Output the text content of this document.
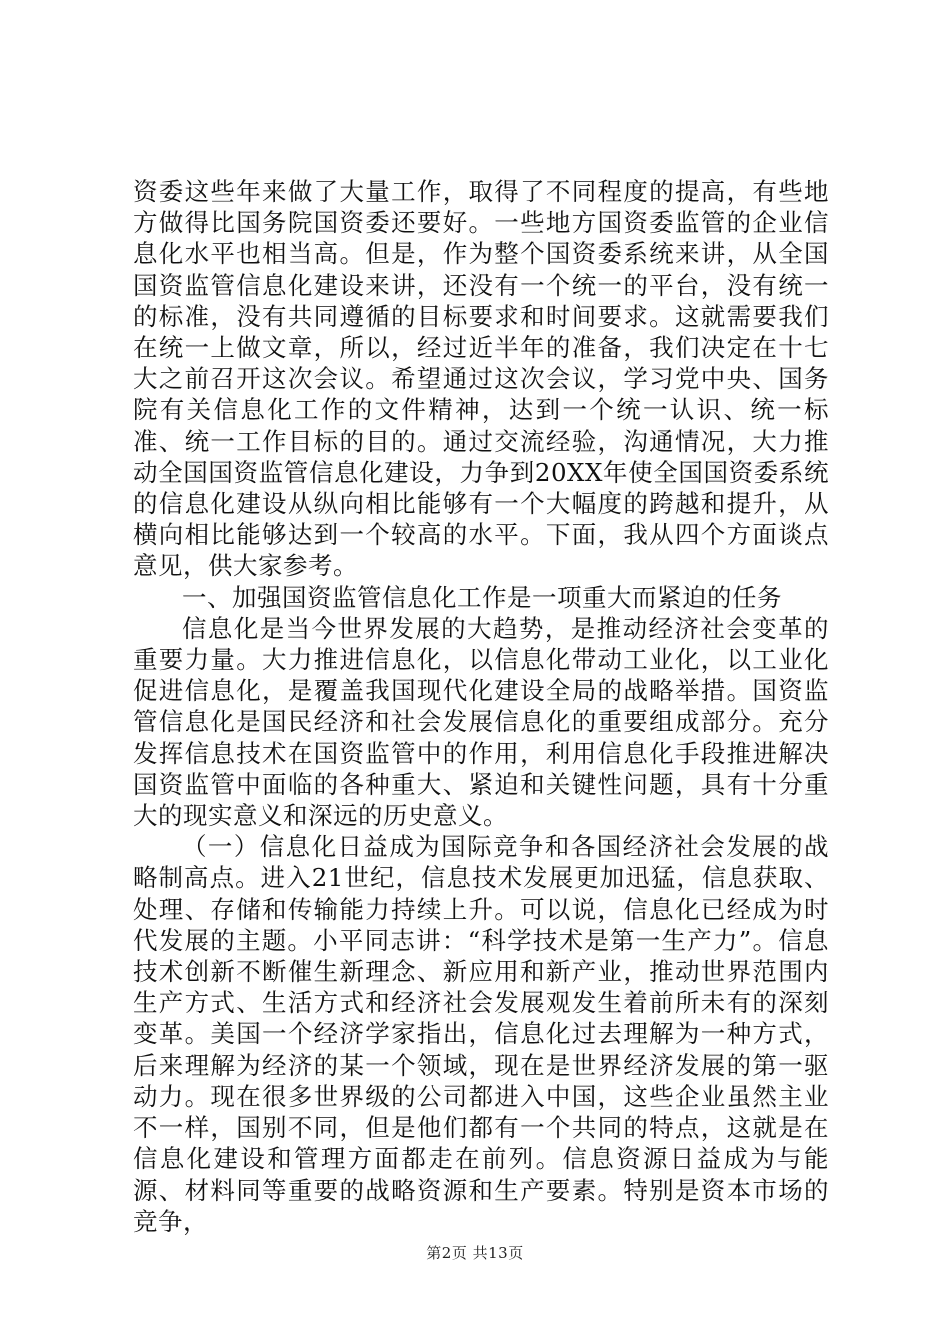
资委这些年来做了大量工作，取得了不同程度的提高，有些地方做得比国务院国资委还要好。一些地方国资委监管的企业信息化水平也相当高。但是，作为整个国资委系统来讲，从全国国资监管信息化建设来讲，还没有一个统一的平台，没有统一的标准，没有共同遵循的目标要求和时间要求。这就需要我们在统一上做文章，所以，经过近半年的准备，我们决定在十七大之前召开这次会议。希望通过这次会议，学习党中央、国务院有关信息化工作的文件精神，达到一个统一认识、统一标准、统一工作目标的目的。通过交流经验，沟通情况，大力推动全国国资监管信息化建设，力争到20XX年使全国国资委系统的信息化建设从纵向相比能够有一个大幅度的跨越和提升，从横向相比能够达到一个较高的水平。下面，我从四个方面谈点意见，供大家参考。

一、加强国资监管信息化工作是一项重大而紧迫的任务

信息化是当今世界发展的大趋势，是推动经济社会变革的重要力量。大力推进信息化，以信息化带动工业化，以工业化促进信息化，是覆盖我国现代化建设全局的战略举措。国资监管信息化是国民经济和社会发展信息化的重要组成部分。充分发挥信息技术在国资监管中的作用，利用信息化手段推进解决国资监管中面临的各种重大、紧迫和关键性问题，具有十分重大的现实意义和深远的历史意义。

（一）信息化日益成为国际竞争和各国经济社会发展的战略制高点。进入21世纪，信息技术发展更加迅猛，信息获取、处理、存储和传输能力持续上升。可以说，信息化已经成为时代发展的主题。小平同志讲：“科学技术是第一生产力”。信息技术创新不断催生新理念、新应用和新产业，推动世界范围内生产方式、生活方式和经济社会发展观发生着前所未有的深刻变革。美国一个经济学家指出，信息化过去理解为一种方式，后来理解为经济的某一个领域，现在是世界经济发展的第一驱动力。现在很多世界级的公司都进入中国，这些企业虽然主业不一样，国别不同，但是他们都有一个共同的特点，这就是在信息化建设和管理方面都走在前列。信息资源日益成为与能源、材料同等重要的战略资源和生产要素。特别是资本市场的竞争，

第2页 共13页
